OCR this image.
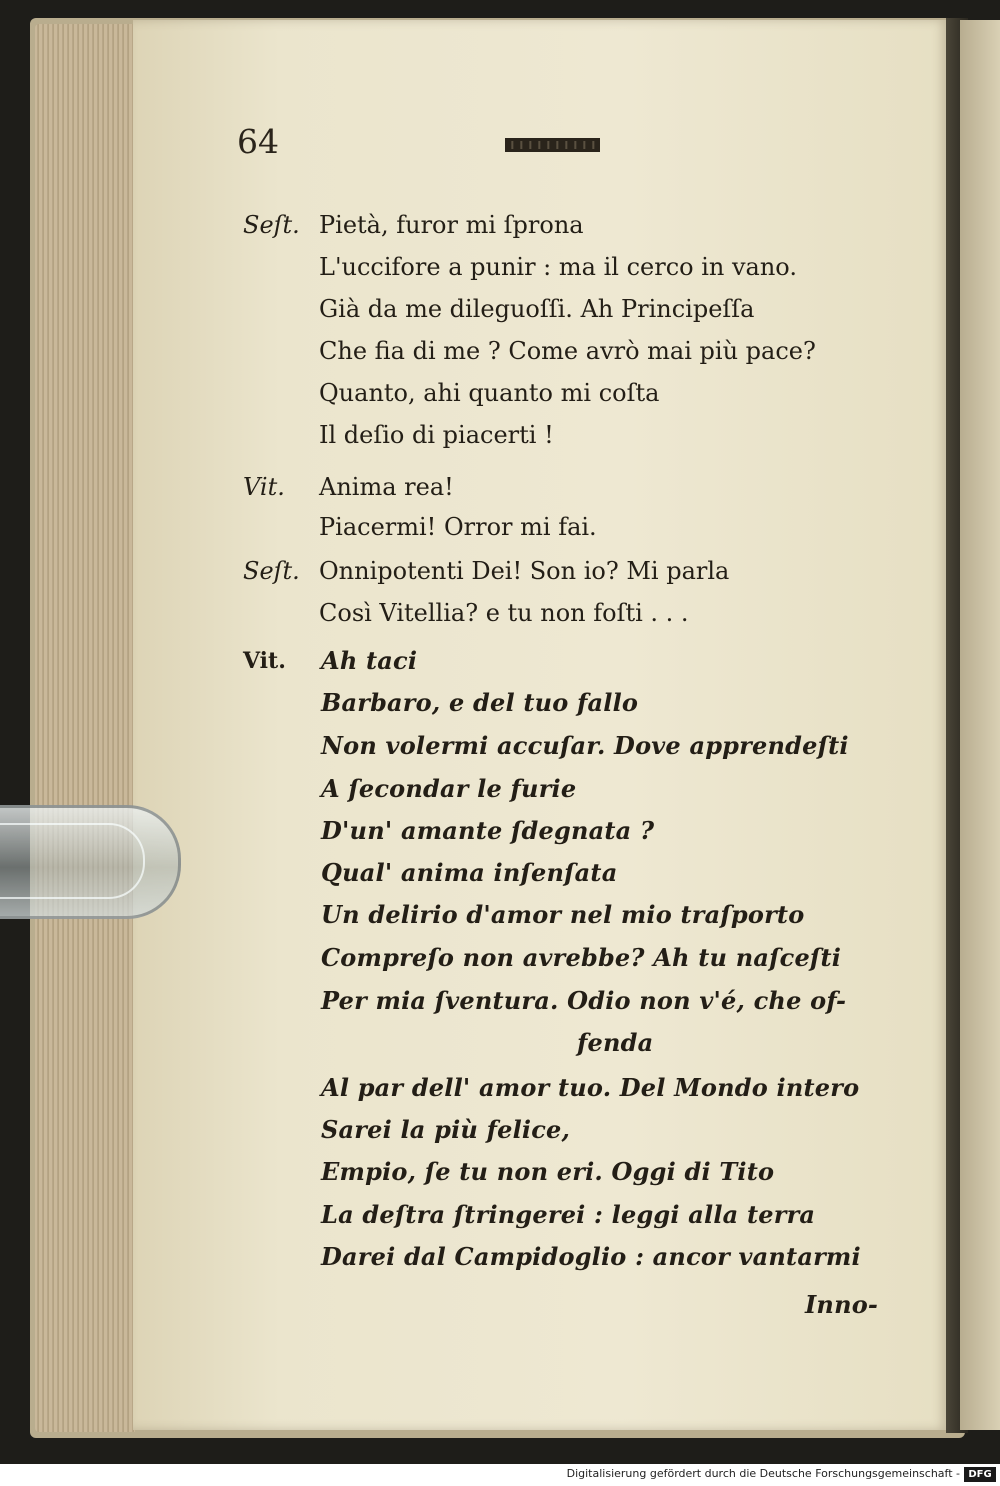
64
Seſt.
Vit.
Seſt.
Vit.
Pietà, furor mi ſprona
L'uccifore a punir : ma il cerco in vano.
Già da me dileguoſſi. Ah Principeſſa
Che fia di me ? Come avrò mai più pace?
Quanto, ahi quanto mi coſta
Il deſio di piacerti !
Anima rea!
Piacermi! Orror mi fai.
Onnipotenti Dei! Son io? Mi parla
Così Vitellia? e tu non foſti . . .
Ah taci
Barbaro, e del tuo fallo
Non volermi accuſar. Dove apprendeſti
A ſecondar le furie
D'un' amante ſdegnata ?
Qual' anima inſenſata
Un delirio d'amor nel mio traſporto
Compreſo non avrebbe? Ah tu naſceſti
Per mia ſventura. Odio non v'é, che of-
fenda
Al par dell' amor tuo. Del Mondo intero
Sarei la più felice,
Empio, ſe tu non eri. Oggi di Tito
La deſtra ſtringerei : leggi alla terra
Darei dal Campidoglio : ancor vantarmi
Inno-
Digitalisierung gefördert durch die Deutsche Forschungsgemeinschaft - DFG
